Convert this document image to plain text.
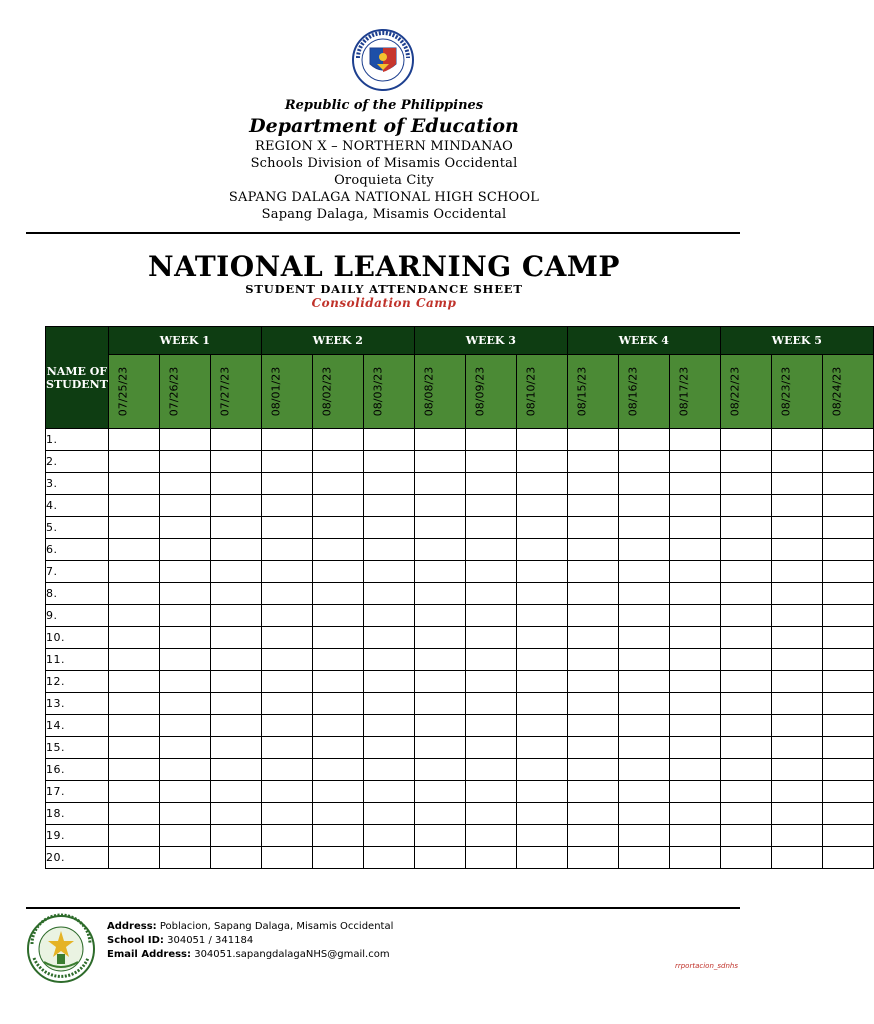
Republic of the Philippines
Department of Education
REGION X – NORTHERN MINDANAO
Schools Division of Misamis Occidental
Oroquieta City
SAPANG DALAGA NATIONAL HIGH SCHOOL
Sapang Dalaga, Misamis Occidental
NATIONAL LEARNING CAMP
STUDENT DAILY ATTENDANCE SHEET
Consolidation Camp
NAME OF STUDENT	WEEK 1			WEEK 2			WEEK 3			WEEK 4			WEEK 5		

	07/25/23	07/26/23	07/27/23	08/01/23	08/02/23	08/03/23	08/08/23	08/09/23	08/10/23	08/15/23	08/16/23	08/17/23	08/22/23	08/23/23	08/24/23

1.															
2.															
3.															
4.															
5.															
6.															
7.															
8.															
9.															
10.															
11.															
12.															
13.															
14.															
15.															
16.															
17.															
18.															
19.															
20.															
Address: Poblacion, Sapang Dalaga, Misamis Occidental
School ID: 304051 / 341184
Email Address: 304051.sapangdalagaNHS@gmail.com
rrportacion_sdnhs
